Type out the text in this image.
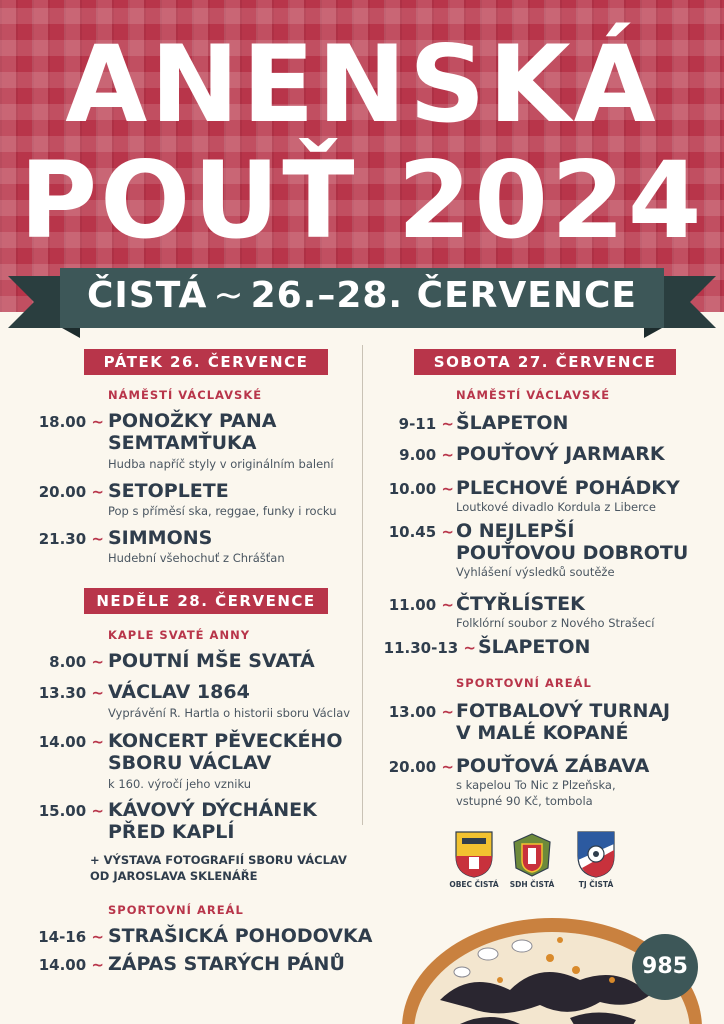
ANENSKÁ
POUŤ 2024
ČISTÁ ~ 26.–28. ČERVENCE
PÁTEK 26. ČERVENCE
NÁMĚSTÍ VÁCLAVSKÉ
18.00 ~ PONOŽKY PANA
SEMTAMŤUKA
Hudba napříč styly v originálním balení
20.00 ~ SETOPLETE
Pop s příměsí ska, reggae, funky i rocku
21.30 ~ SIMMONS
Hudební všehochuť z Chrášťan
NEDĚLE 28. ČERVENCE
KAPLE SVATÉ ANNY
8.00 ~ POUTNÍ MŠE SVATÁ
13.30 ~ VÁCLAV 1864
Vyprávění R. Hartla o historii sboru Václav
14.00 ~ KONCERT PĚVECKÉHO
SBORU VÁCLAV
k 160. výročí jeho vzniku
15.00 ~ KÁVOVÝ DÝCHÁNEK
PŘED KAPLÍ
+ VÝSTAVA FOTOGRAFIÍ SBORU VÁCLAV
OD JAROSLAVA SKLENÁŘE
SPORTOVNÍ AREÁL
14-16 ~ STRAŠICKÁ POHODOVKA
14.00 ~ ZÁPAS STARÝCH PÁNŮ
SOBOTA 27. ČERVENCE
NÁMĚSTÍ VÁCLAVSKÉ
9-11 ~ ŠLAPETON
9.00 ~ POUŤOVÝ JARMARK
10.00 ~ PLECHOVÉ POHÁDKY
Loutkové divadlo Kordula z Liberce
10.45 ~ O NEJLEPŠÍ
POUŤOVOU DOBROTU
Vyhlášení výsledků soutěže
11.00 ~ ČTYŘLÍSTEK
Folklórní soubor z Nového Strašecí
11.30-13 ~ ŠLAPETON
SPORTOVNÍ AREÁL
13.00 ~ FOTBALOVÝ TURNAJ
V MALÉ KOPANÉ
20.00 ~ POUŤOVÁ ZÁBAVA
s kapelou To Nic z Plzeňska,
vstupné 90 Kč, tombola
OBEC ČISTÁ	SDH ČISTÁ	TJ ČISTÁ
985
